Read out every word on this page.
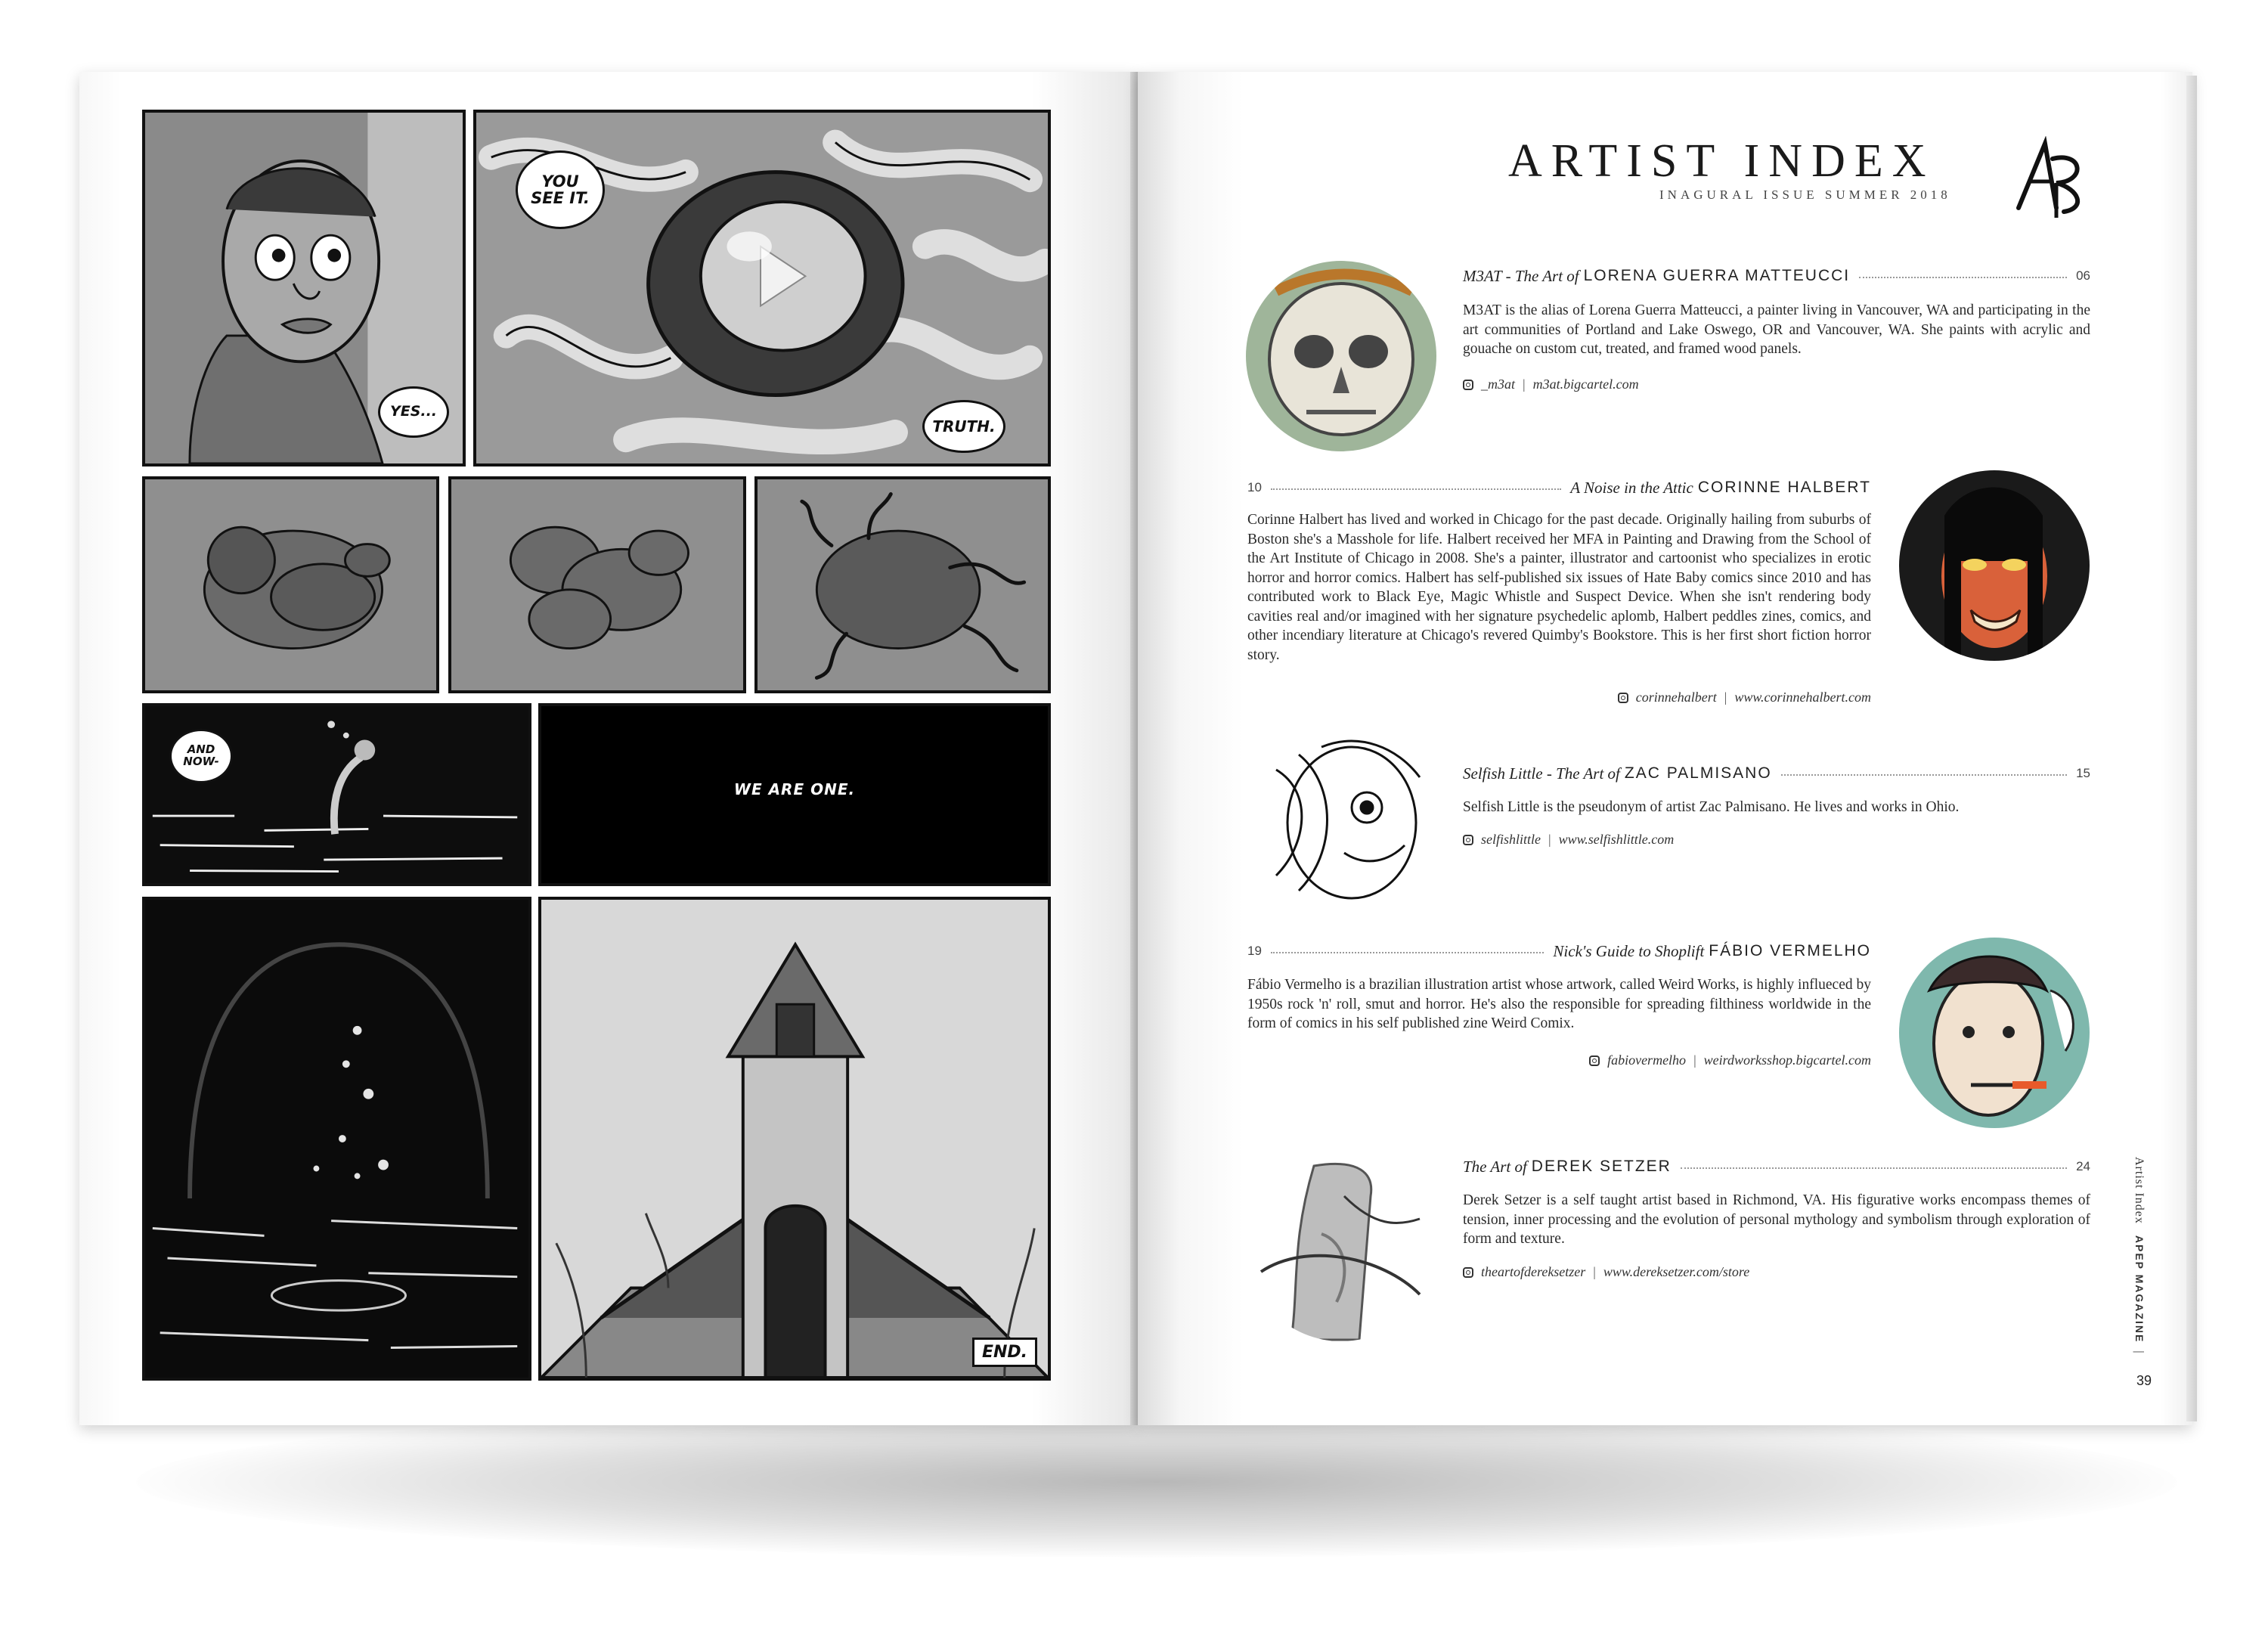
YES...
YOU
SEE IT.
TRUTH.
AND
NOW-
WE ARE ONE.
END.
ARTIST INDEX
INAGURAL ISSUE SUMMER 2018
M3AT - The Art of LORENA GUERRA MATTEUCCI	06
M3AT is the alias of Lorena Guerra Matteucci, a painter living in Vancouver, WA and participating in the art communities of Portland and Lake Oswego, OR and Vancouver, WA. She paints with acrylic and gouache on custom cut, treated, and framed wood panels.
_m3at | m3at.bigcartel.com
10	A Noise in the Attic CORINNE HALBERT
Corinne Halbert has lived and worked in Chicago for the past decade. Originally hailing from suburbs of Boston she's a Masshole for life. Halbert received her MFA in Painting and Drawing from the School of the Art Institute of Chicago in 2008. She's a painter, illustrator and cartoonist who specializes in erotic horror and horror comics. Halbert has self-published six issues of Hate Baby comics since 2010 and has contributed work to Black Eye, Magic Whistle and Suspect Device. When she isn't rendering body cavities real and/or imagined with her signature psychedelic aplomb, Halbert peddles zines, comics, and other incendiary literature at Chicago's revered Quimby's Bookstore. This is her first short fiction horror story.
corinnehalbert | www.corinnehalbert.com
Selfish Little - The Art of ZAC PALMISANO	15
Selfish Little is the pseudonym of artist Zac Palmisano. He lives and works in Ohio.
selfishlittle | www.selfishlittle.com
19	Nick's Guide to Shoplift FÁBIO VERMELHO
Fábio Vermelho is a brazilian illustration artist whose artwork, called Weird Works, is highly influeced by 1950s rock 'n' roll, smut and horror. He's also the responsible for spreading filthiness worldwide in the form of comics in his self published zine Weird Comix.
fabiovermelho | weirdworksshop.bigcartel.com
The Art of DEREK SETZER	24
Derek Setzer is a self taught artist based in Richmond, VA. His figurative works encompass themes of tension, inner processing and the evolution of personal mythology and symbolism through exploration of form and texture.
theartofdereksetzer | www.dereksetzer.com/store
Artist Index   APEP MAGAZINE  |
39
